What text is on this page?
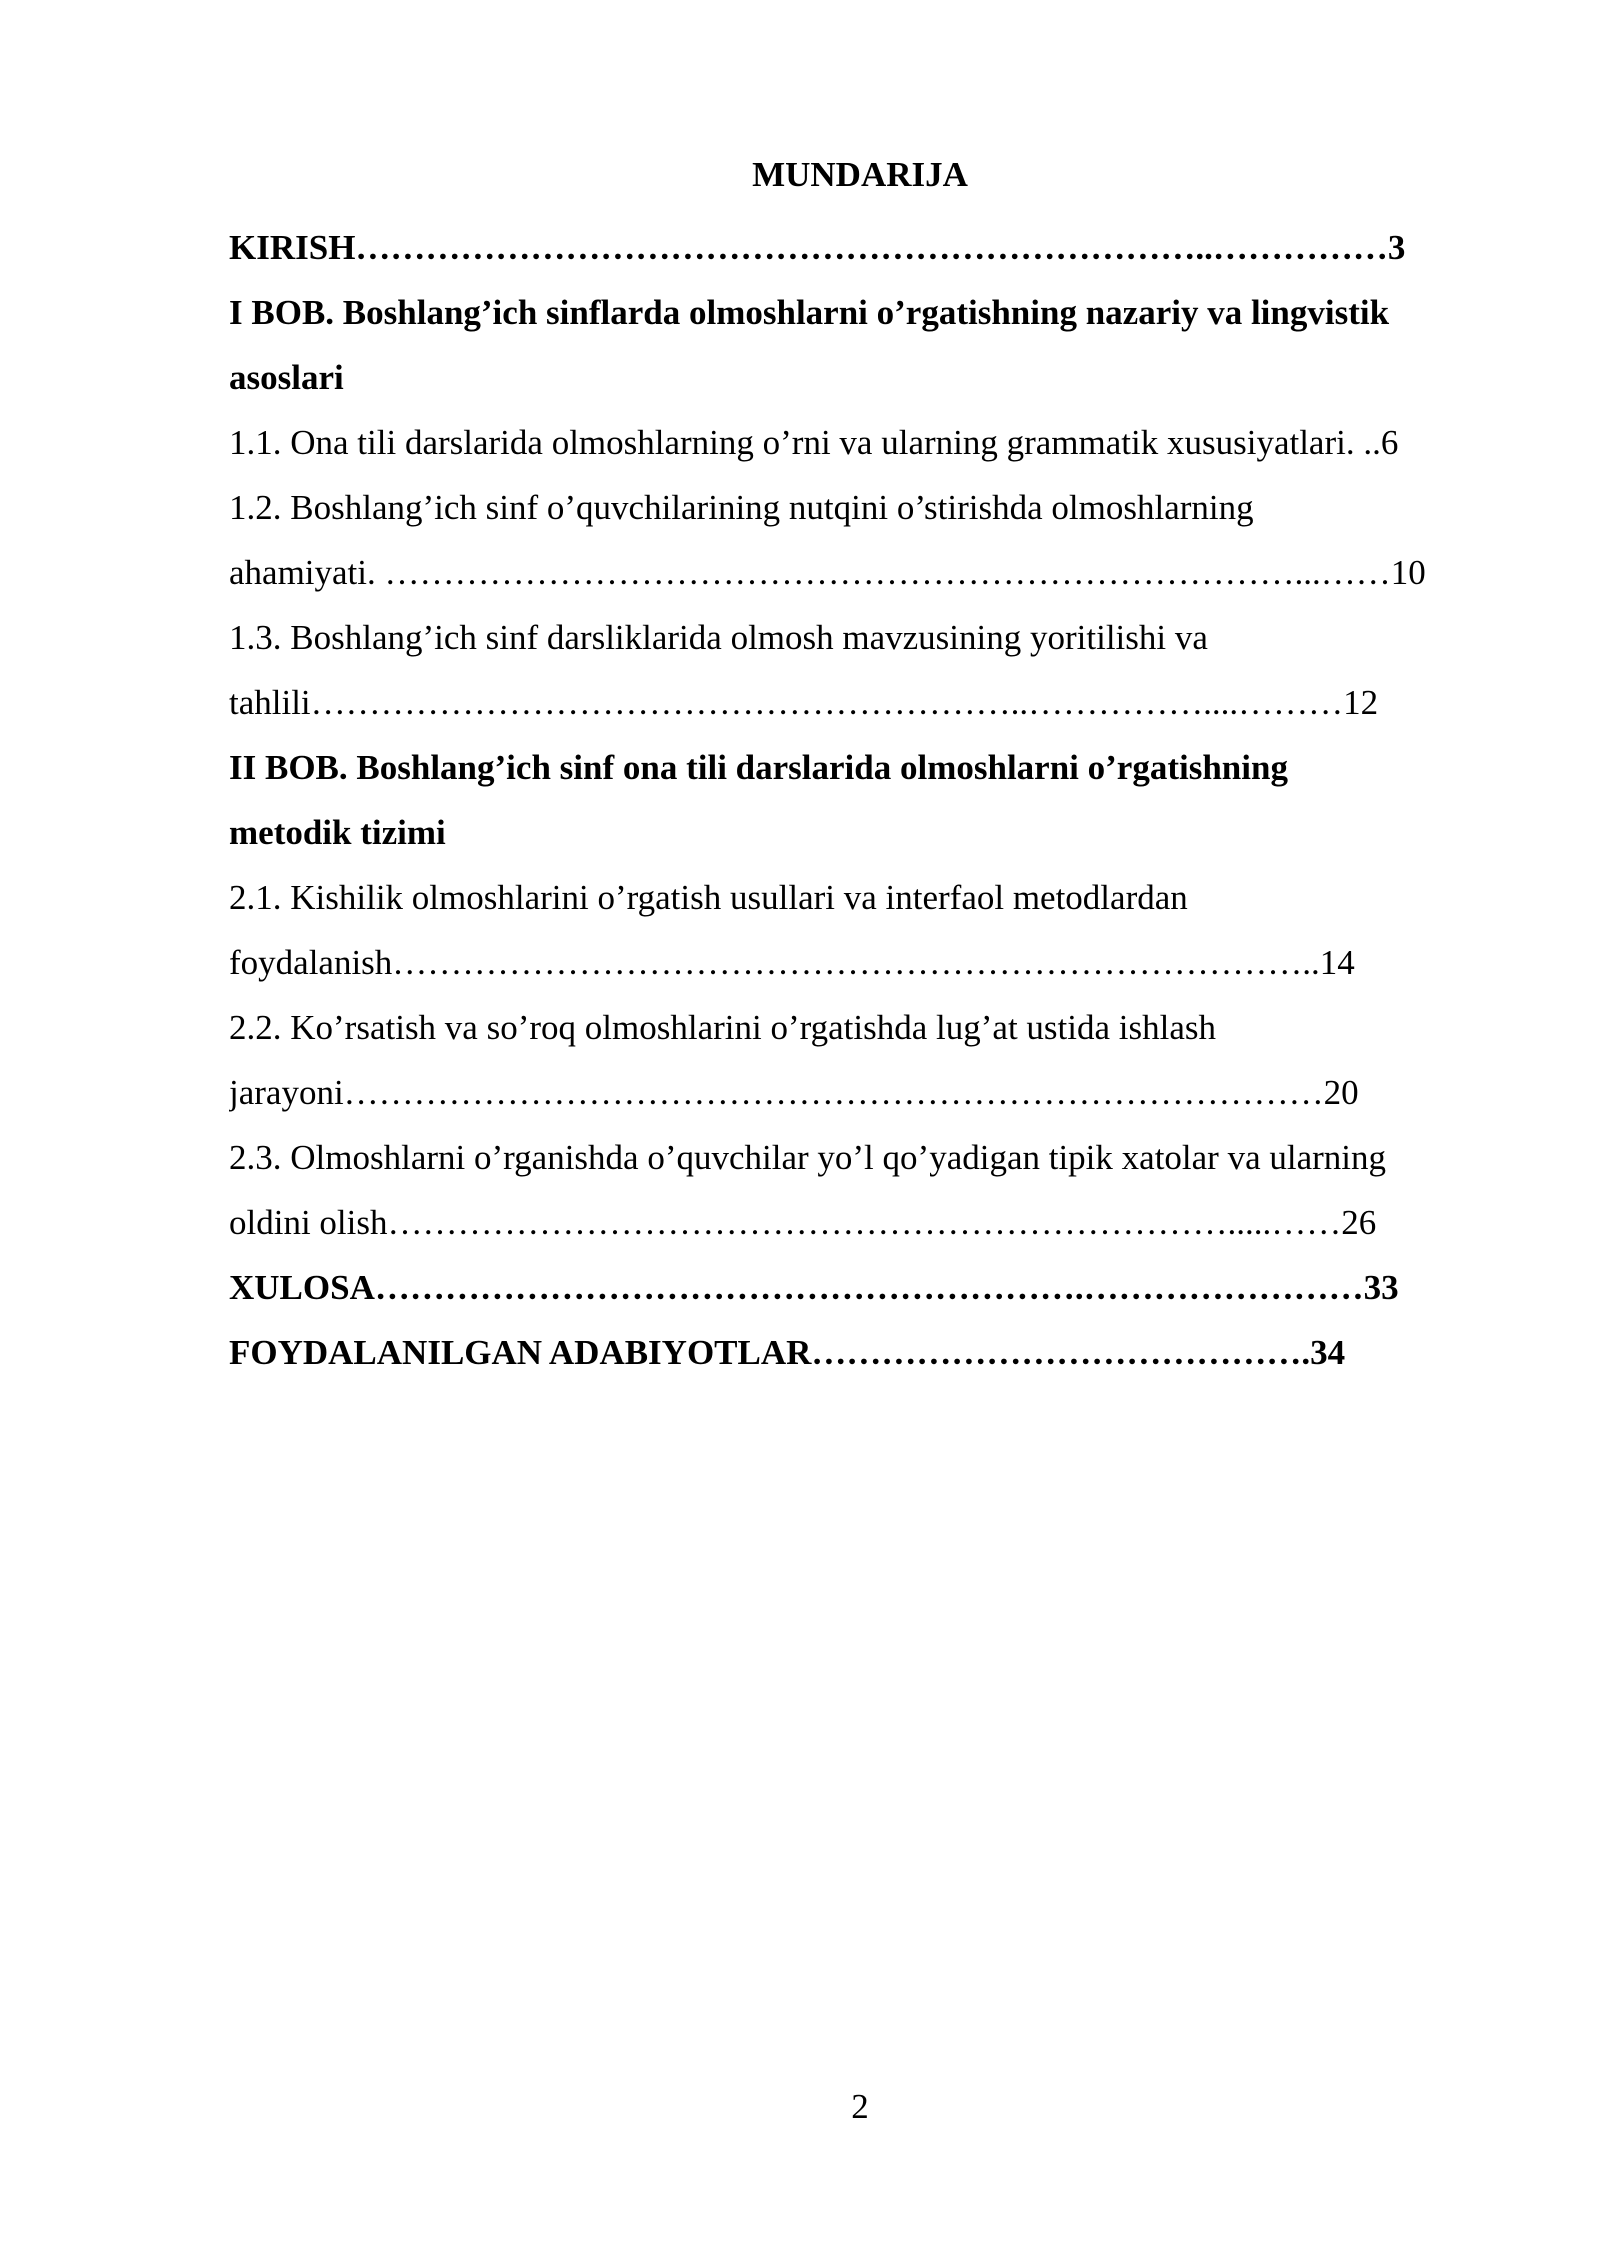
MUNDARIJA
KIRISH………………………………………………………………..……………3
I BOB. Boshlang’ich sinflarda olmoshlarni o’rgatishning nazariy va lingvistik
asoslari
1.1. Ona tili darslarida olmoshlarning o’rni va ularning grammatik xususiyatlari. ..6
1.2. Boshlang’ich sinf o’quvchilarining nutqini o’stirishda olmoshlarning
ahamiyati. ……………………………………………………………………...……10
1.3. Boshlang’ich sinf darsliklarida olmosh mavzusining yoritilishi va
tahlili……………………………………………………..……………....………12
II BOB. Boshlang’ich sinf ona tili darslarida olmoshlarni o’rgatishning
metodik tizimi
2.1. Kishilik olmoshlarini o’rgatish usullari va interfaol metodlardan
foydalanish……………………………………………………………………..14
2.2. Ko’rsatish va so’roq olmoshlarini o’rgatishda lug’at ustida ishlash
jarayoni…………………………………………………………………………20
2.3. Olmoshlarni o’rganishda o’quvchilar yo’l qo’yadigan tipik xatolar va ularning
oldini olish……………………………………………………………….....……26
XULOSA…………………………………………………….……………………33
FOYDALANILGAN ADABIYOTLAR…………………………………….34
2
